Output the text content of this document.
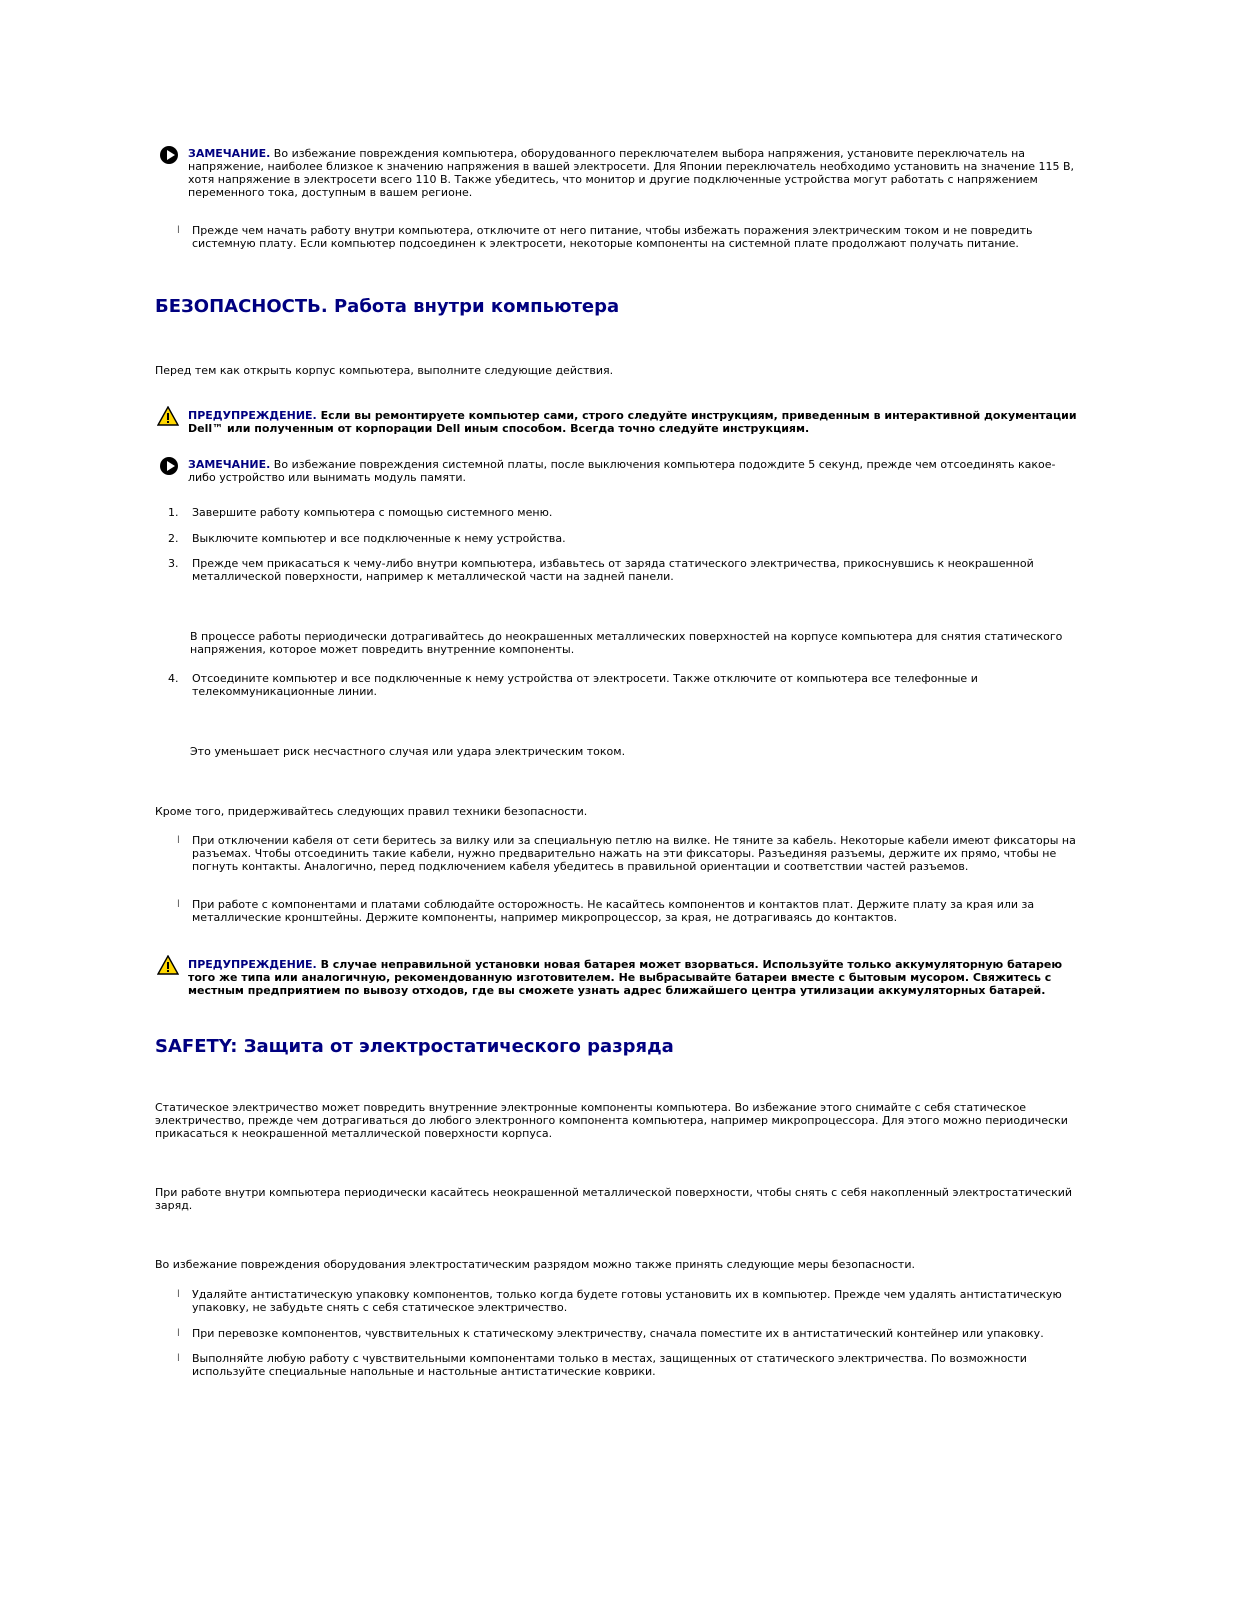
ЗАМЕЧАНИЕ. Во избежание повреждения компьютера, оборудованного переключателем выбора напряжения, установите переключатель на напряжение, наиболее близкое к значению напряжения в вашей электросети. Для Японии переключатель необходимо установить на значение 115 В, хотя напряжение в электросети всего 110 В. Также убедитесь, что монитор и другие подключенные устройства могут работать с напряжением переменного тока, доступным в вашем регионе.
l Прежде чем начать работу внутри компьютера, отключите от него питание, чтобы избежать поражения электрическим током и не повредить системную плату. Если компьютер подсоединен к электросети, некоторые компоненты на системной плате продолжают получать питание.
БЕЗОПАСНОСТЬ. Работа внутри компьютера
Перед тем как открыть корпус компьютера, выполните следующие действия.
ПРЕДУПРЕЖДЕНИЕ. Если вы ремонтируете компьютер сами, строго следуйте инструкциям, приведенным в интерактивной документации Dell™ или полученным от корпорации Dell иным способом. Всегда точно следуйте инструкциям.
ЗАМЕЧАНИЕ. Во избежание повреждения системной платы, после выключения компьютера подождите 5 секунд, прежде чем отсоединять какое-либо устройство или вынимать модуль памяти.
1. Завершите работу компьютера с помощью системного меню.
2. Выключите компьютер и все подключенные к нему устройства.
3. Прежде чем прикасаться к чему-либо внутри компьютера, избавьтесь от заряда статического электричества, прикоснувшись к неокрашенной металлической поверхности, например к металлической части на задней панели.
В процессе работы периодически дотрагивайтесь до неокрашенных металлических поверхностей на корпусе компьютера для снятия статического напряжения, которое может повредить внутренние компоненты.
4. Отсоедините компьютер и все подключенные к нему устройства от электросети. Также отключите от компьютера все телефонные и телекоммуникационные линии.
Это уменьшает риск несчастного случая или удара электрическим током.
Кроме того, придерживайтесь следующих правил техники безопасности.
l При отключении кабеля от сети беритесь за вилку или за специальную петлю на вилке. Не тяните за кабель. Некоторые кабели имеют фиксаторы на разъемах. Чтобы отсоединить такие кабели, нужно предварительно нажать на эти фиксаторы. Разъединяя разъемы, держите их прямо, чтобы не погнуть контакты. Аналогично, перед подключением кабеля убедитесь в правильной ориентации и соответствии частей разъемов.
l При работе с компонентами и платами соблюдайте осторожность. Не касайтесь компонентов и контактов плат. Держите плату за края или за металлические кронштейны. Держите компоненты, например микропроцессор, за края, не дотрагиваясь до контактов.
ПРЕДУПРЕЖДЕНИЕ. В случае неправильной установки новая батарея может взорваться. Используйте только аккумуляторную батарею того же типа или аналогичную, рекомендованную изготовителем. Не выбрасывайте батареи вместе с бытовым мусором. Свяжитесь с местным предприятием по вывозу отходов, где вы сможете узнать адрес ближайшего центра утилизации аккумуляторных батарей.
SAFETY: Защита от электростатического разряда
Статическое электричество может повредить внутренние электронные компоненты компьютера. Во избежание этого снимайте с себя статическое электричество, прежде чем дотрагиваться до любого электронного компонента компьютера, например микропроцессора. Для этого можно периодически прикасаться к неокрашенной металлической поверхности корпуса.
При работе внутри компьютера периодически касайтесь неокрашенной металлической поверхности, чтобы снять с себя накопленный электростатический заряд.
Во избежание повреждения оборудования электростатическим разрядом можно также принять следующие меры безопасности.
l Удаляйте антистатическую упаковку компонентов, только когда будете готовы установить их в компьютер. Прежде чем удалять антистатическую упаковку, не забудьте снять с себя статическое электричество.
l При перевозке компонентов, чувствительных к статическому электричеству, сначала поместите их в антистатический контейнер или упаковку.
l Выполняйте любую работу с чувствительными компонентами только в местах, защищенных от статического электричества. По возможности используйте специальные напольные и настольные антистатические коврики.
